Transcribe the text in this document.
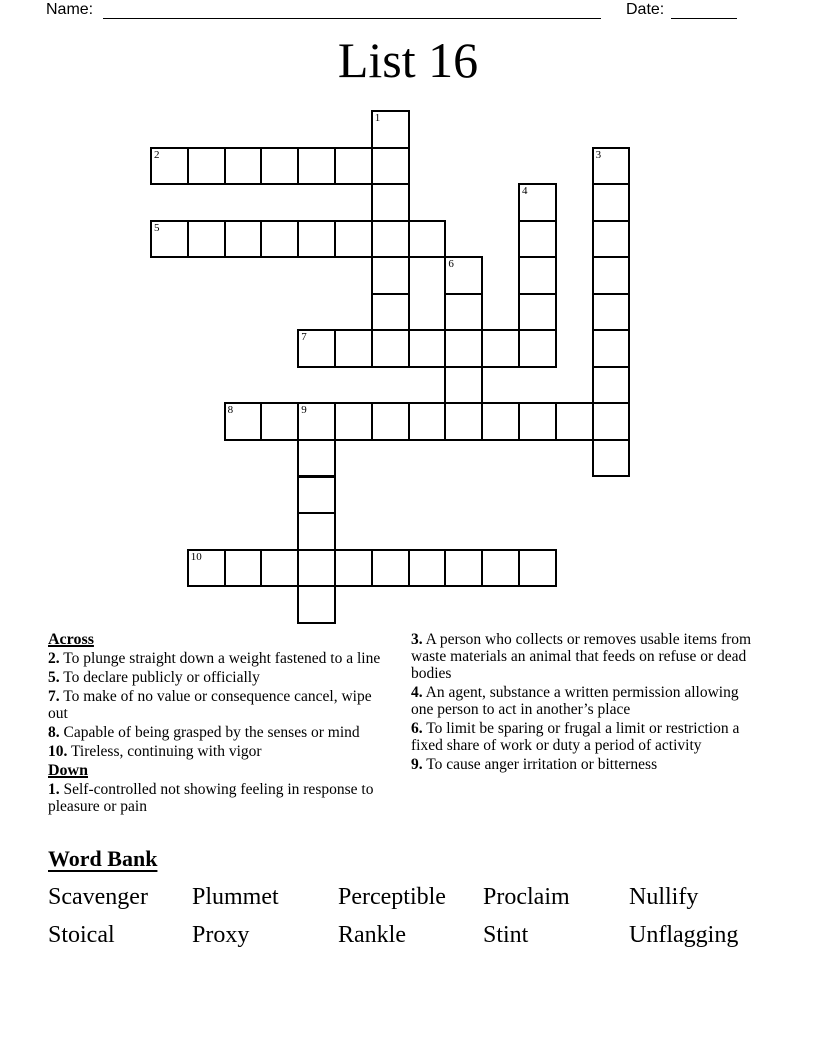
Name:	Date:
List 16
1
2	3
4
5
6
7
8	9
10
Across
2. To plunge straight down a weight fastened to a line
5. To declare publicly or officially
7. To make of no value or consequence cancel, wipe out
8. Capable of being grasped by the senses or mind
10. Tireless, continuing with vigor
Down
1. Self-controlled not showing feeling in response to pleasure or pain
3. A person who collects or removes usable items from waste materials an animal that feeds on refuse or dead bodies
4. An agent, substance a written permission allowing one person to act in another’s place
6. To limit be sparing or frugal a limit or restriction a fixed share of work or duty a period of activity
9. To cause anger irritation or bitterness
Word Bank
Scavenger	Plummet	Perceptible	Proclaim	Nullify
Stoical	Proxy	Rankle	Stint	Unflagging
